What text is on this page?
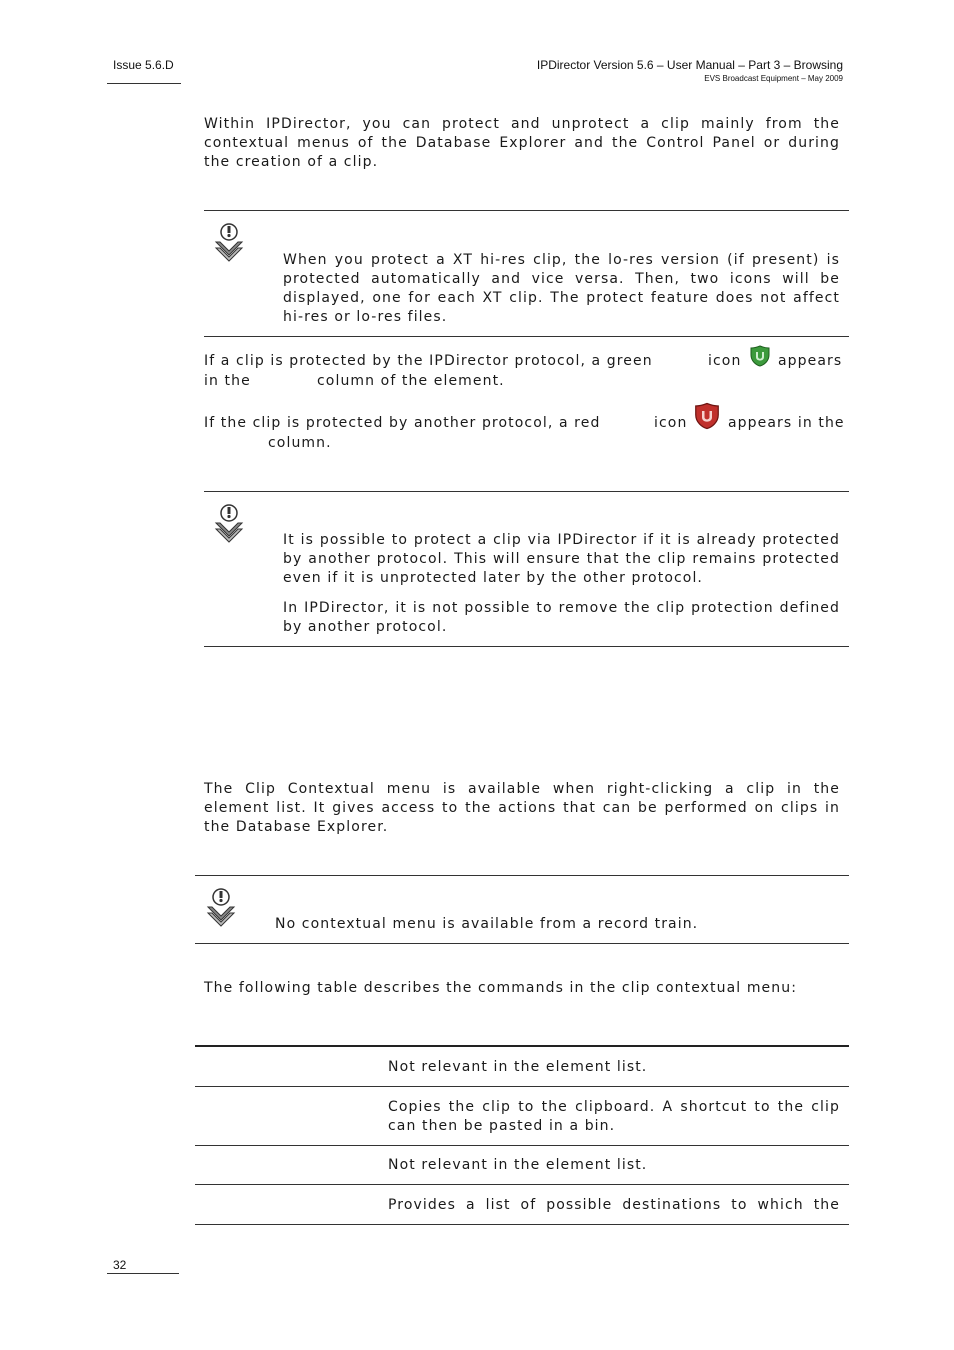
Issue 5.6.D	IPDirector Version 5.6 – User Manual – Part 3 – Browsing
EVS Broadcast Equipment – May 2009
Within IPDirector, you can protect and unprotect a clip mainly from the contextual menus of the Database Explorer and the Control Panel or during the creation of a clip.
When you protect a XT hi-res clip, the lo-res version (if present) is protected automatically and vice versa. Then, two icons will be displayed, one for each XT clip. The protect feature does not affect hi-res or lo-res files.
If a clip is protected by the IPDirector protocol, a green	icon	appears
in the	column of the element.
If the clip is protected by another protocol, a red	icon	appears in the
column.
It is possible to protect a clip via IPDirector if it is already protected by another protocol. This will ensure that the clip remains protected even if it is unprotected later by the other protocol.
In IPDirector, it is not possible to remove the clip protection defined by another protocol.
The Clip Contextual menu is available when right-clicking a clip in the element list. It gives access to the actions that can be performed on clips in the Database Explorer.
No contextual menu is available from a record train.
The following table describes the commands in the clip contextual menu:
Not relevant in the element list.
Copies the clip to the clipboard. A shortcut to the clip can then be pasted in a bin.
Not relevant in the element list.
Provides a list of possible destinations to which the
32
